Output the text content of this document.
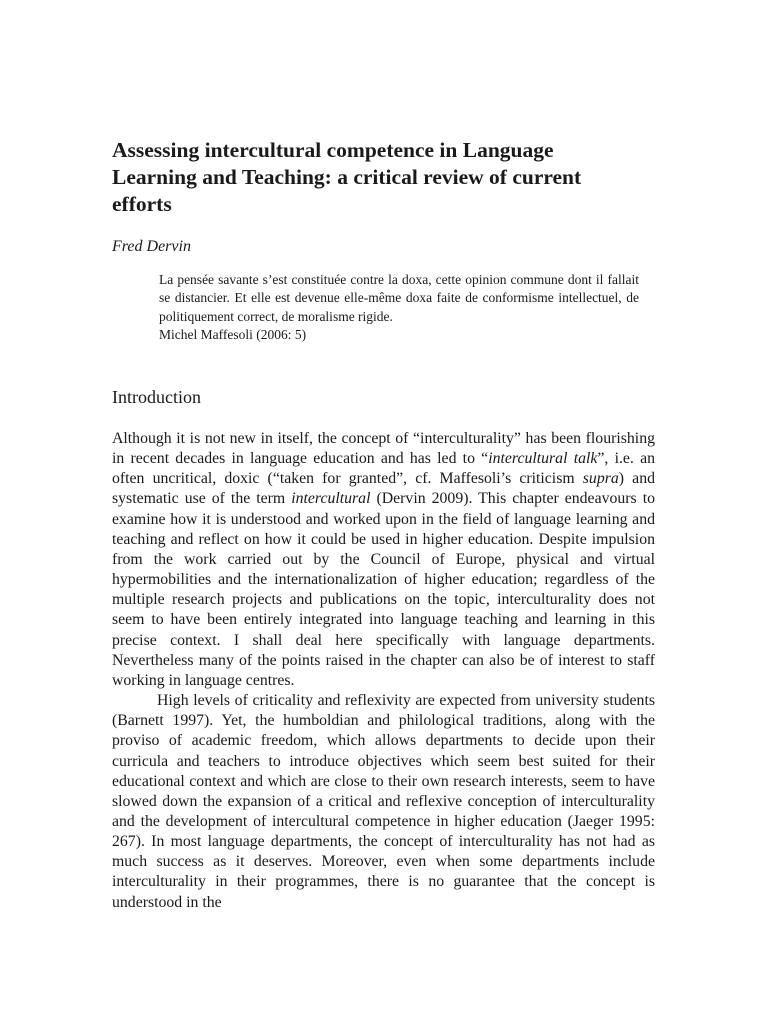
Assessing intercultural competence in Language Learning and Teaching: a critical review of current efforts

Fred Dervin

La pensée savante s’est constituée contre la doxa, cette opinion commune dont il fallait se distancier. Et elle est devenue elle-même doxa faite de conformisme intellectuel, de politiquement correct, de moralisme rigide.

Michel Maffesoli (2006: 5)

Introduction

Although it is not new in itself, the concept of “interculturality” has been flourishing in recent decades in language education and has led to “intercultural talk”, i.e. an often uncritical, doxic (“taken for granted”, cf. Maffesoli’s criticism supra) and systematic use of the term intercultural (Dervin 2009). This chapter endeavours to examine how it is understood and worked upon in the field of language learning and teaching and reflect on how it could be used in higher education. Despite impulsion from the work carried out by the Council of Europe, physical and virtual hypermobilities and the internationalization of higher education; regardless of the multiple research projects and publications on the topic, interculturality does not seem to have been entirely integrated into language teaching and learning in this precise context. I shall deal here specifically with language departments. Nevertheless many of the points raised in the chapter can also be of interest to staff working in language centres.

High levels of criticality and reflexivity are expected from university students (Barnett 1997). Yet, the humboldian and philological traditions, along with the proviso of academic freedom, which allows departments to decide upon their curricula and teachers to introduce objectives which seem best suited for their educational context and which are close to their own research interests, seem to have slowed down the expansion of a critical and reflexive conception of interculturality and the development of intercultural competence in higher education (Jaeger 1995: 267). In most language departments, the concept of interculturality has not had as much success as it deserves. Moreover, even when some departments include interculturality in their programmes, there is no guarantee that the concept is understood in the
